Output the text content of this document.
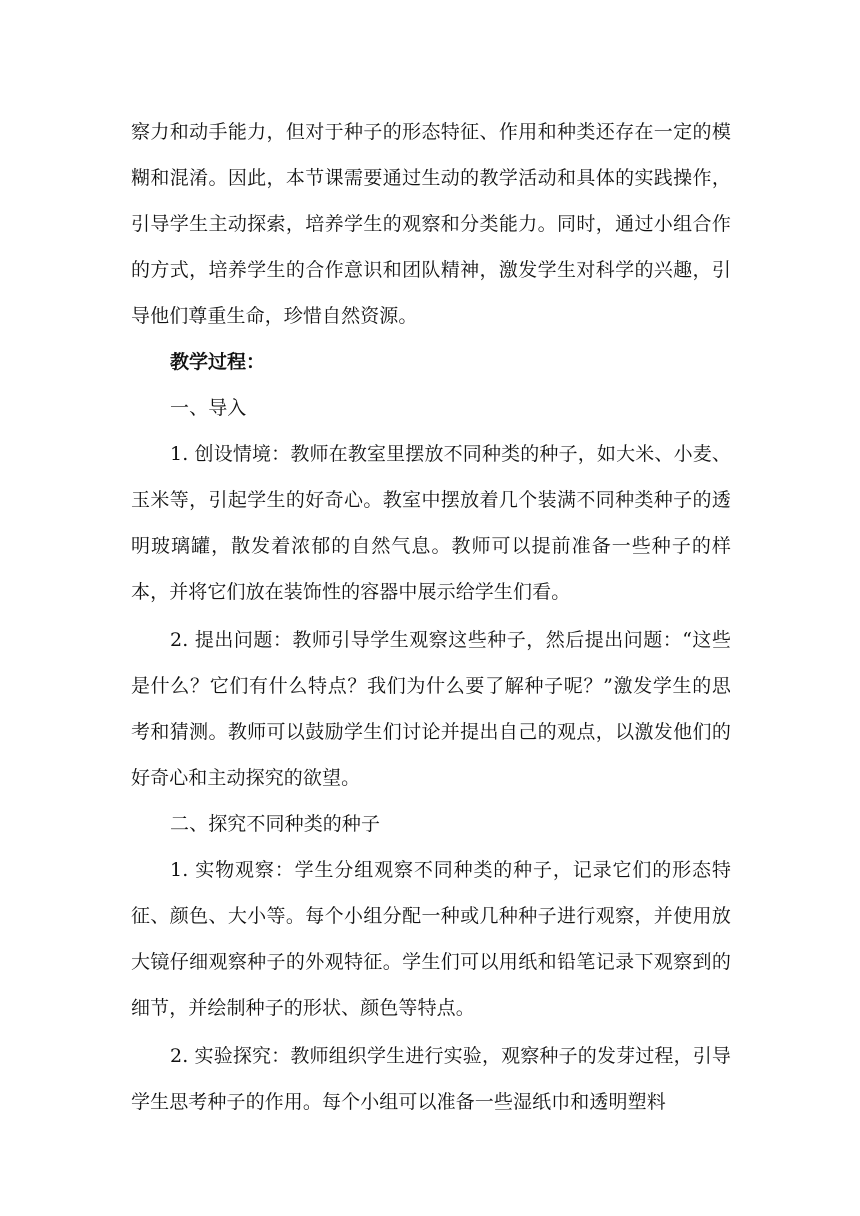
察力和动手能力，但对于种子的形态特征、作用和种类还存在一定的模糊和混淆。因此，本节课需要通过生动的教学活动和具体的实践操作，引导学生主动探索，培养学生的观察和分类能力。同时，通过小组合作的方式，培养学生的合作意识和团队精神，激发学生对科学的兴趣，引导他们尊重生命，珍惜自然资源。

教学过程：

一、导入

1. 创设情境：教师在教室里摆放不同种类的种子，如大米、小麦、玉米等，引起学生的好奇心。教室中摆放着几个装满不同种类种子的透明玻璃罐，散发着浓郁的自然气息。教师可以提前准备一些种子的样本，并将它们放在装饰性的容器中展示给学生们看。

2. 提出问题：教师引导学生观察这些种子，然后提出问题：“这些是什么？它们有什么特点？我们为什么要了解种子呢？”激发学生的思考和猜测。教师可以鼓励学生们讨论并提出自己的观点，以激发他们的好奇心和主动探究的欲望。

二、探究不同种类的种子

1. 实物观察：学生分组观察不同种类的种子，记录它们的形态特征、颜色、大小等。每个小组分配一种或几种种子进行观察，并使用放大镜仔细观察种子的外观特征。学生们可以用纸和铅笔记录下观察到的细节，并绘制种子的形状、颜色等特点。

2. 实验探究：教师组织学生进行实验，观察种子的发芽过程，引导学生思考种子的作用。每个小组可以准备一些湿纸巾和透明塑料
